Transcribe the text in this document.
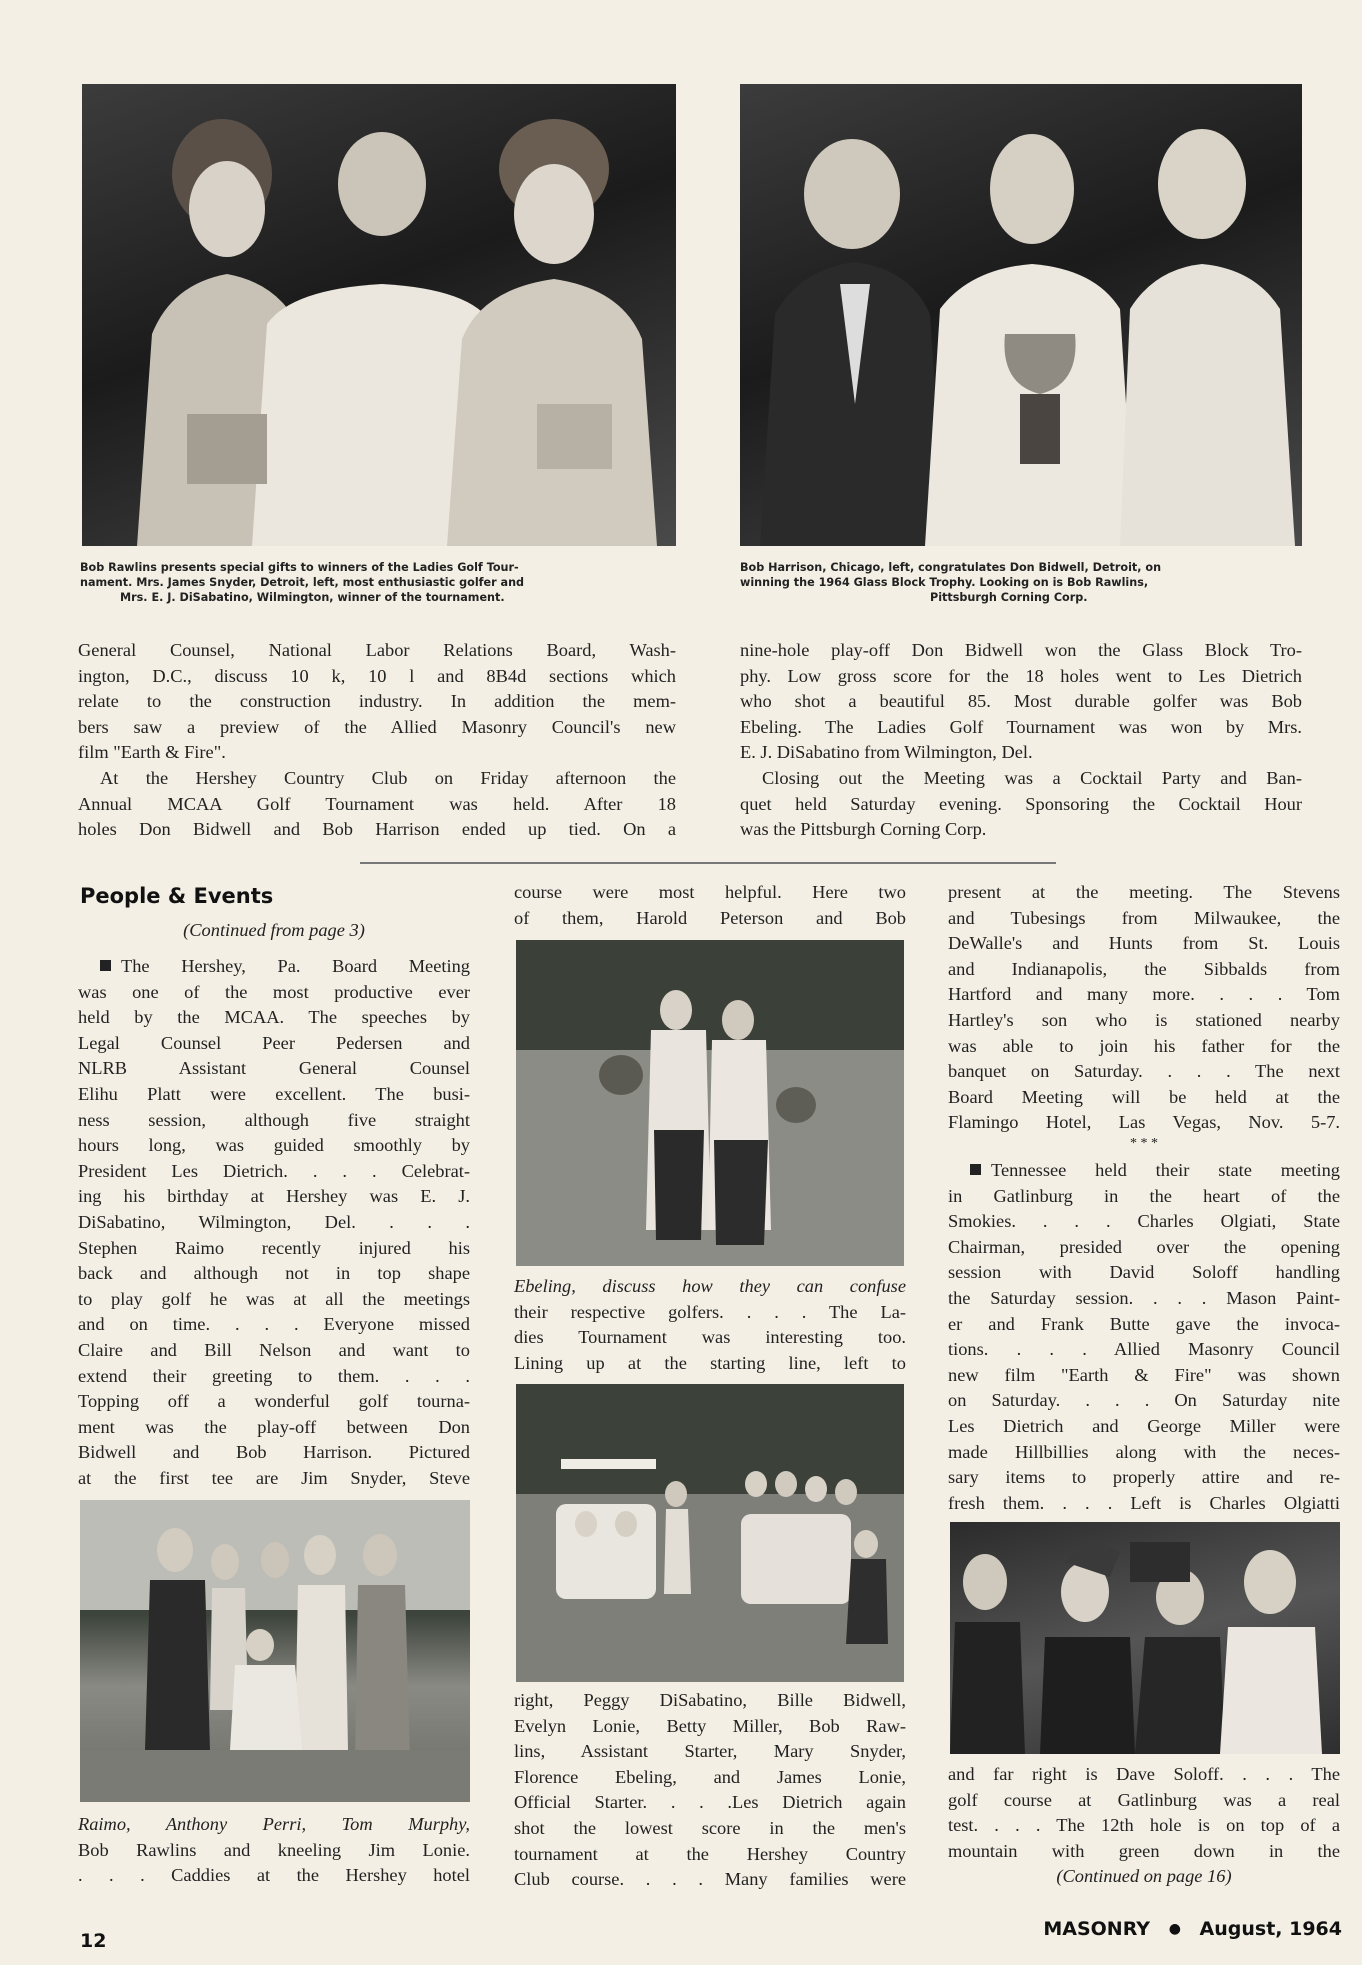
Bob Rawlins presents special gifts to winners of the Ladies Golf Tour-
nament. Mrs. James Snyder, Detroit, left, most enthusiastic golfer and
Mrs. E. J. DiSabatino, Wilmington, winner of the tournament.
Bob Harrison, Chicago, left, congratulates Don Bidwell, Detroit, on
winning the 1964 Glass Block Trophy. Looking on is Bob Rawlins,
Pittsburgh Corning Corp.
General Counsel, National Labor Relations Board, Wash-
ington, D.C., discuss 10 k, 10 l and 8B4d sections which
relate to the construction industry. In addition the mem-
bers saw a preview of the Allied Masonry Council's new
film "Earth & Fire".
At the Hershey Country Club on Friday afternoon the
Annual MCAA Golf Tournament was held. After 18
holes Don Bidwell and Bob Harrison ended up tied. On a
nine-hole play-off Don Bidwell won the Glass Block Tro-
phy. Low gross score for the 18 holes went to Les Dietrich
who shot a beautiful 85. Most durable golfer was Bob
Ebeling. The Ladies Golf Tournament was won by Mrs.
E. J. DiSabatino from Wilmington, Del.
Closing out the Meeting was a Cocktail Party and Ban-
quet held Saturday evening. Sponsoring the Cocktail Hour
was the Pittsburgh Corning Corp.
People & Events
(Continued from page 3)
The Hershey, Pa. Board Meeting
was one of the most productive ever
held by the MCAA. The speeches by
Legal Counsel Peer Pedersen and
NLRB Assistant General Counsel
Elihu Platt were excellent. The busi-
ness session, although five straight
hours long, was guided smoothly by
President Les Dietrich. . . . Celebrat-
ing his birthday at Hershey was E. J.
DiSabatino, Wilmington, Del. . . .
Stephen Raimo recently injured his
back and although not in top shape
to play golf he was at all the meetings
and on time. . . . Everyone missed
Claire and Bill Nelson and want to
extend their greeting to them. . . .
Topping off a wonderful golf tourna-
ment was the play-off between Don
Bidwell and Bob Harrison. Pictured
at the first tee are Jim Snyder, Steve
Raimo, Anthony Perri, Tom Murphy,
Bob Rawlins and kneeling Jim Lonie.
. . . Caddies at the Hershey hotel
course were most helpful. Here two
of them, Harold Peterson and Bob
Ebeling, discuss how they can confuse
their respective golfers. . . . The La-
dies Tournament was interesting too.
Lining up at the starting line, left to
right, Peggy DiSabatino, Bille Bidwell,
Evelyn Lonie, Betty Miller, Bob Raw-
lins, Assistant Starter, Mary Snyder,
Florence Ebeling, and James Lonie,
Official Starter. . . .Les Dietrich again
shot the lowest score in the men's
tournament at the Hershey Country
Club course. . . . Many families were
present at the meeting. The Stevens
and Tubesings from Milwaukee, the
DeWalle's and Hunts from St. Louis
and Indianapolis, the Sibbalds from
Hartford and many more. . . . Tom
Hartley's son who is stationed nearby
was able to join his father for the
banquet on Saturday. . . . The next
Board Meeting will be held at the
Flamingo Hotel, Las Vegas, Nov. 5-7.
* * *
Tennessee held their state meeting
in Gatlinburg in the heart of the
Smokies. . . . Charles Olgiati, State
Chairman, presided over the opening
session with David Soloff handling
the Saturday session. . . . Mason Paint-
er and Frank Butte gave the invoca-
tions. . . . Allied Masonry Council
new film "Earth & Fire" was shown
on Saturday. . . . On Saturday nite
Les Dietrich and George Miller were
made Hillbillies along with the neces-
sary items to properly attire and re-
fresh them. . . . Left is Charles Olgiatti
and far right is Dave Soloff. . . . The
golf course at Gatlinburg was a real
test. . . . The 12th hole is on top of a
mountain with green down in the
(Continued on page 16)
12
MASONRY ● August, 1964
